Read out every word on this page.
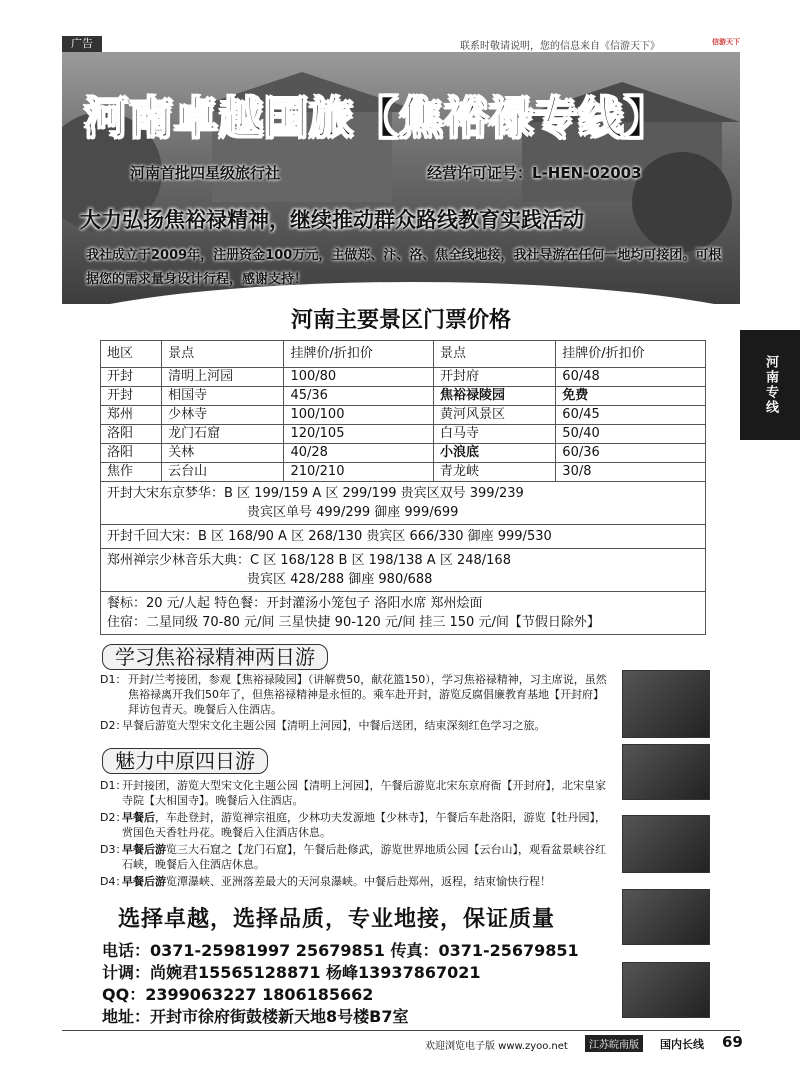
广告	联系时敬请说明，您的信息来自《信游天下》	信游天下
河南卓越国旅【焦裕禄专线】
河南首批四星级旅行社	经营许可证号：L-HEN-02003
大力弘扬焦裕禄精神，继续推动群众路线教育实践活动
我社成立于2009年，注册资金100万元，主做郑、汴、洛、焦全线地接，我社导游在任何一地均可接团。可根据您的需求量身设计行程，感谢支持！
河南专线
河南主要景区门票价格
地区	景点	挂牌价/折扣价	景点	挂牌价/折扣价
开封	清明上河园	100/80	开封府	60/48
开封	相国寺	45/36	焦裕禄陵园	免费
郑州	少林寺	100/100	黄河风景区	60/45
洛阳	龙门石窟	120/105	白马寺	50/40
洛阳	关林	40/28	小浪底	60/36
焦作	云台山	210/210	青龙峡	30/8

开封大宋东京梦华：B 区 199/159 A 区 299/199 贵宾区双号 399/239
贵宾区单号 499/299 御座 999/699				

开封千回大宋：B 区 168/90 A 区 268/130 贵宾区 666/330 御座 999/530				

郑州禅宗少林音乐大典：C 区 168/128 B 区 198/138 A 区 248/168
贵宾区 428/288 御座 980/688				

餐标：20 元/人起 特色餐：开封灌汤小笼包子 洛阳水席 郑州烩面
住宿：二星同级 70-80 元/间 三星快捷 90-120 元/间 挂三 150 元/间【节假日除外】				
学习焦裕禄精神两日游
D1： 开封/兰考接团，参观【焦裕禄陵园】（讲解费50，献花篮150），学习焦裕禄精神，习主席说，虽然焦裕禄离开我们50年了，但焦裕禄精神是永恒的。乘车赴开封，游览反腐倡廉教育基地【开封府】拜访包青天。晚餐后入住酒店。
D2：
早餐后游览大型宋文化主题公园【清明上河园】，中餐后送团，结束深刻红色学习之旅。
魅力中原四日游
D1：
开封接团，游览大型宋文化主题公园【清明上河园】，午餐后游览北宋东京府衙【开封府】，北宋皇家寺院【大相国寺】。晚餐后入住酒店。
D2：
早餐后，车赴登封，游览禅宗祖庭，少林功夫发源地【少林寺】，午餐后车赴洛阳，游览【牡丹园】，赏国色天香牡丹花。晚餐后入住酒店休息。
D3：
早餐后游览三大石窟之【龙门石窟】，午餐后赴修武，游览世界地质公园【云台山】，观看盆景峡谷红石峡，晚餐后入住酒店休息。
D4：
早餐后游览潭瀑峡、亚洲落差最大的天河泉瀑峡。中餐后赴郑州，返程，结束愉快行程！
选择卓越，选择品质，专业地接，保证质量
电话：0371-25981997 25679851 传真：0371-25679851
计调：尚婉君15565128871 杨峰13937867021
QQ：2399063227 1806185662
地址：开封市徐府街鼓楼新天地8号楼B7室
欢迎浏览电子版 www.zyoo.net	江苏皖南版	国内长线 69
